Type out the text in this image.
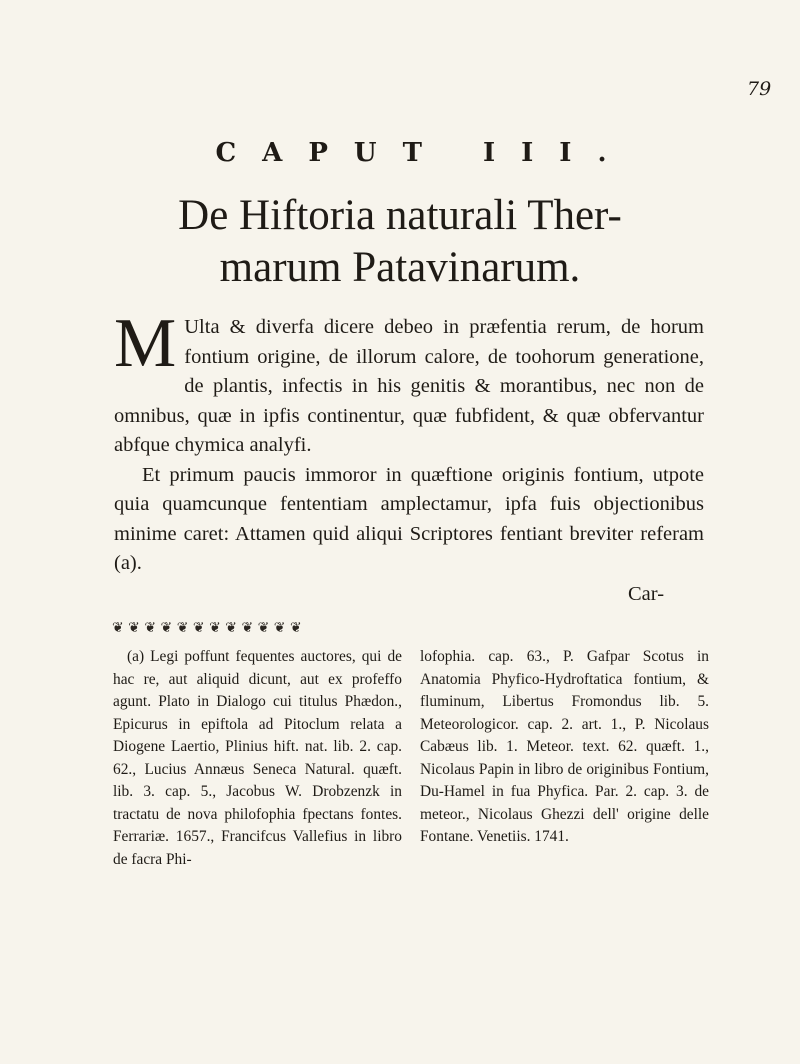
79
CAPUT III.
De Hiftoria naturali Ther-
marum Patavinarum.

M Ulta & diverfa dicere debeo in præfentia rerum, de horum fontium origine, de illorum calore, de toohorum generatione, de plantis, infectis in his genitis & morantibus, nec non de omnibus, quæ in ipfis continentur, quæ fubfident, & quæ obfervantur abfque chymica analyfi.

Et primum paucis immoror in quæftione originis fontium, utpote quia quamcunque fententiam amplectamur, ipfa fuis objectionibus minime caret: Attamen quid aliqui Scriptores fentiant breviter referam (a).

Car-
❦ ❦ ❦ ❦ ❦ ❦ ❦ ❦ ❦ ❦ ❦ ❦

(a) Legi poffunt fequentes auctores, qui de hac re, aut aliquid dicunt, aut ex profeffo agunt. Plato in Dialogo cui titulus Phædon., Epicurus in epiftola ad Pitoclum relata a Diogene Laertio, Plinius hift. nat. lib. 2. cap. 62., Lucius Annæus Seneca Natural. quæft. lib. 3. cap. 5., Jacobus W. Drobzenzk in tractatu de nova philofophia fpectans fontes. Ferrariæ. 1657., Francifcus Vallefius in libro de facra Phi-

lofophia. cap. 63., P. Gafpar Scotus in Anatomia Phyfico-Hydroftatica fontium, & fluminum, Libertus Fromondus lib. 5. Meteorologicor. cap. 2. art. 1., P. Nicolaus Cabæus lib. 1. Meteor. text. 62. quæft. 1., Nicolaus Papin in libro de originibus Fontium, Du-Hamel in fua Phyfica. Par. 2. cap. 3. de meteor., Nicolaus Ghezzi dell' origine delle Fontane. Venetiis. 1741.
